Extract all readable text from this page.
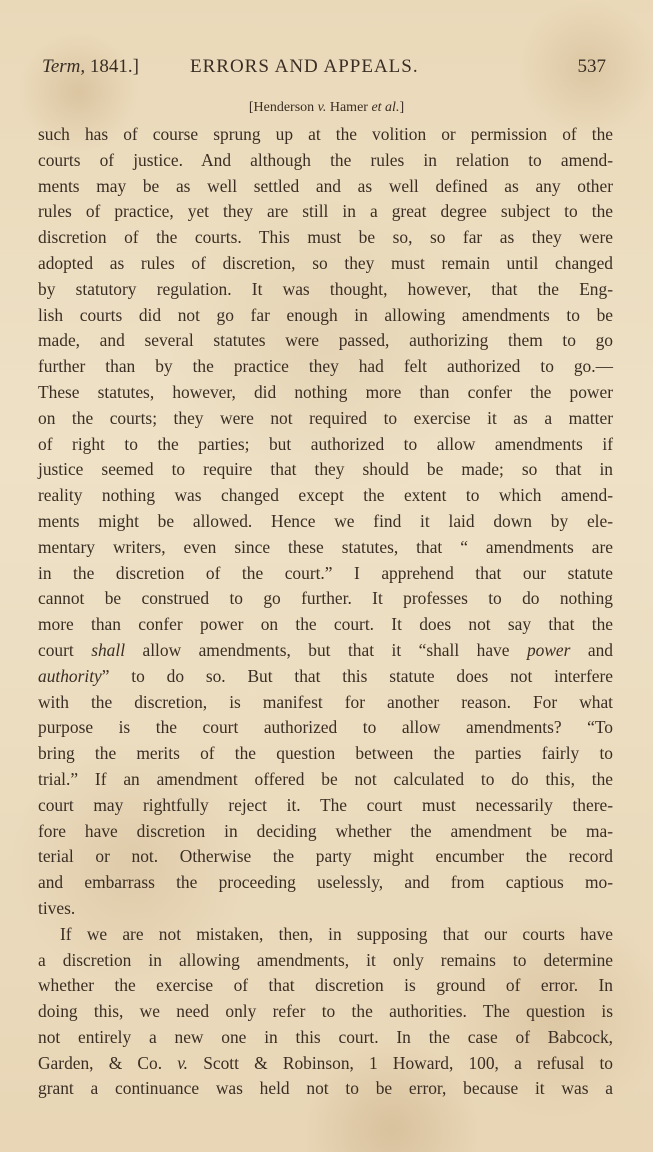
Term, 1841.]	ERRORS AND APPEALS.	537
[Henderson v. Hamer et al.]
such has of course sprung up at the volition or permission of the
courts of justice. And although the rules in relation to amend-
ments may be as well settled and as well defined as any other
rules of practice, yet they are still in a great degree subject to the
discretion of the courts. This must be so, so far as they were
adopted as rules of discretion, so they must remain until changed
by statutory regulation. It was thought, however, that the Eng-
lish courts did not go far enough in allowing amendments to be
made, and several statutes were passed, authorizing them to go
further than by the practice they had felt authorized to go.—
These statutes, however, did nothing more than confer the power
on the courts; they were not required to exercise it as a matter
of right to the parties; but authorized to allow amendments if
justice seemed to require that they should be made; so that in
reality nothing was changed except the extent to which amend-
ments might be allowed. Hence we find it laid down by ele-
mentary writers, even since these statutes, that “ amendments are
in the discretion of the court.” I apprehend that our statute
cannot be construed to go further. It professes to do nothing
more than confer power on the court. It does not say that the
court shall allow amendments, but that it “shall have power and
authority” to do so. But that this statute does not interfere
with the discretion, is manifest for another reason. For what
purpose is the court authorized to allow amendments? “To
bring the merits of the question between the parties fairly to
trial.” If an amendment offered be not calculated to do this, the
court may rightfully reject it. The court must necessarily there-
fore have discretion in deciding whether the amendment be ma-
terial or not. Otherwise the party might encumber the record
and embarrass the proceeding uselessly, and from captious mo-
tives.
If we are not mistaken, then, in supposing that our courts have
a discretion in allowing amendments, it only remains to determine
whether the exercise of that discretion is ground of error. In
doing this, we need only refer to the authorities. The question is
not entirely a new one in this court. In the case of Babcock,
Garden, & Co. v. Scott & Robinson, 1 Howard, 100, a refusal to
grant a continuance was held not to be error, because it was a
